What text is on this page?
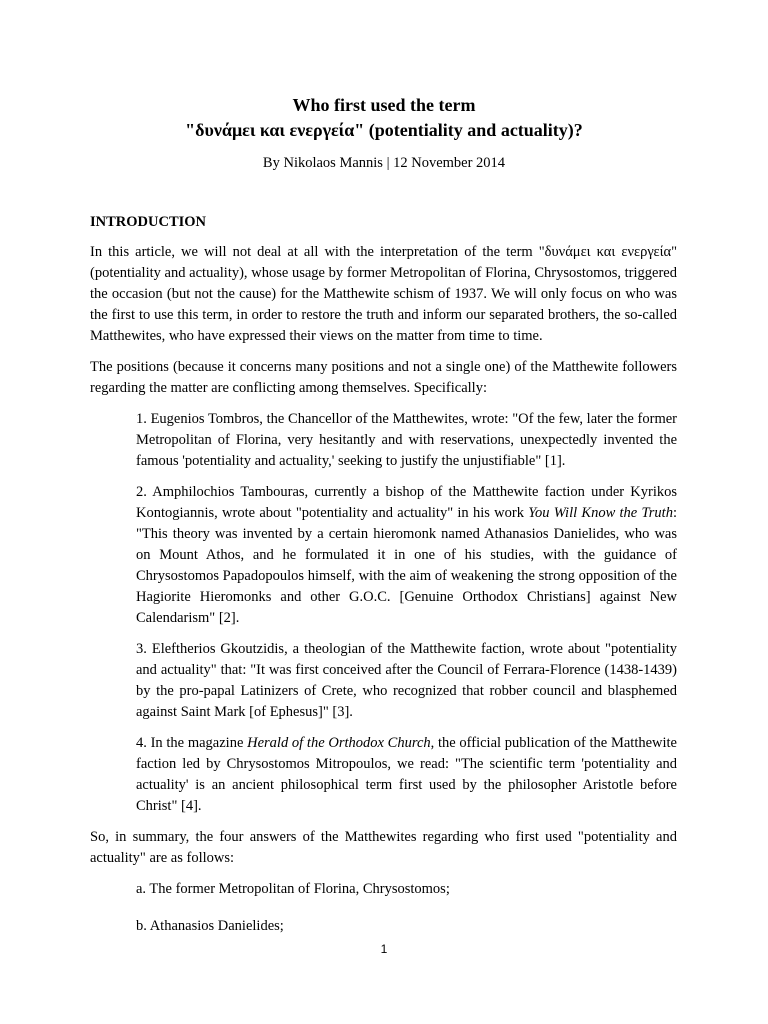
Who first used the term
"δυνάμει και ενεργεία" (potentiality and actuality)?
By Nikolaos Mannis | 12 November 2014

INTRODUCTION

In this article, we will not deal at all with the interpretation of the term "δυνάμει και ενεργεία" (potentiality and actuality), whose usage by former Metropolitan of Florina, Chrysostomos, triggered the occasion (but not the cause) for the Matthewite schism of 1937. We will only focus on who was the first to use this term, in order to restore the truth and inform our separated brothers, the so-called Matthewites, who have expressed their views on the matter from time to time.

The positions (because it concerns many positions and not a single one) of the Matthewite followers regarding the matter are conflicting among themselves. Specifically:

1. Eugenios Tombros, the Chancellor of the Matthewites, wrote: "Of the few, later the former Metropolitan of Florina, very hesitantly and with reservations, unexpectedly invented the famous 'potentiality and actuality,' seeking to justify the unjustifiable" [1].

2. Amphilochios Tambouras, currently a bishop of the Matthewite faction under Kyrikos Kontogiannis, wrote about "potentiality and actuality" in his work You Will Know the Truth: "This theory was invented by a certain hieromonk named Athanasios Danielides, who was on Mount Athos, and he formulated it in one of his studies, with the guidance of Chrysostomos Papadopoulos himself, with the aim of weakening the strong opposition of the Hagiorite Hieromonks and other G.O.C. [Genuine Orthodox Christians] against New Calendarism" [2].

3. Eleftherios Gkoutzidis, a theologian of the Matthewite faction, wrote about "potentiality and actuality" that: "It was first conceived after the Council of Ferrara-Florence (1438-1439) by the pro-papal Latinizers of Crete, who recognized that robber council and blasphemed against Saint Mark [of Ephesus]" [3].

4. In the magazine Herald of the Orthodox Church, the official publication of the Matthewite faction led by Chrysostomos Mitropoulos, we read: "The scientific term 'potentiality and actuality' is an ancient philosophical term first used by the philosopher Aristotle before Christ" [4].

So, in summary, the four answers of the Matthewites regarding who first used "potentiality and actuality" are as follows:

a. The former Metropolitan of Florina, Chrysostomos;

b. Athanasios Danielides;

1
